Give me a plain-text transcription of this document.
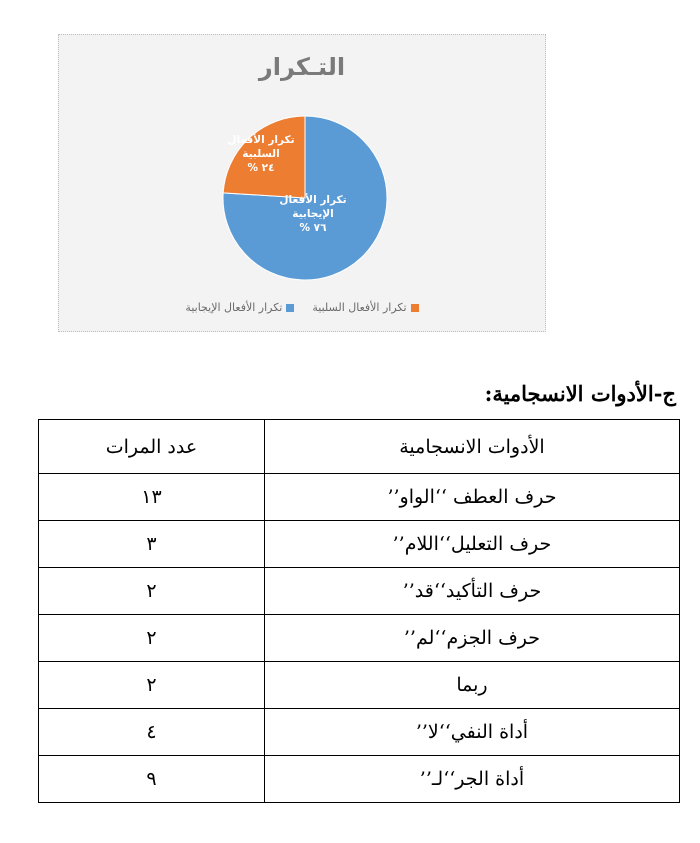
التـكرار
تكرار الأفعال
الإيجابية
٧٦ %
تكرار الأفعال
السلبية
٢٤ %
تكرار الأفعال السلبية
تكرار الأفعال الإيجابية
ج-الأدوات الانسجامية:
الأدوات الانسجامية	عدد المرات
حرف العطف ‘‘الواو’’	١٣
حرف التعليل‘‘اللام’’	٣
حرف التأكيد‘‘قد’’	٢
حرف الجزم‘‘لم’’	٢
ربما	٢
أداة النفي‘‘لا’’	٤
أداة الجر‘‘لـ’’	٩
